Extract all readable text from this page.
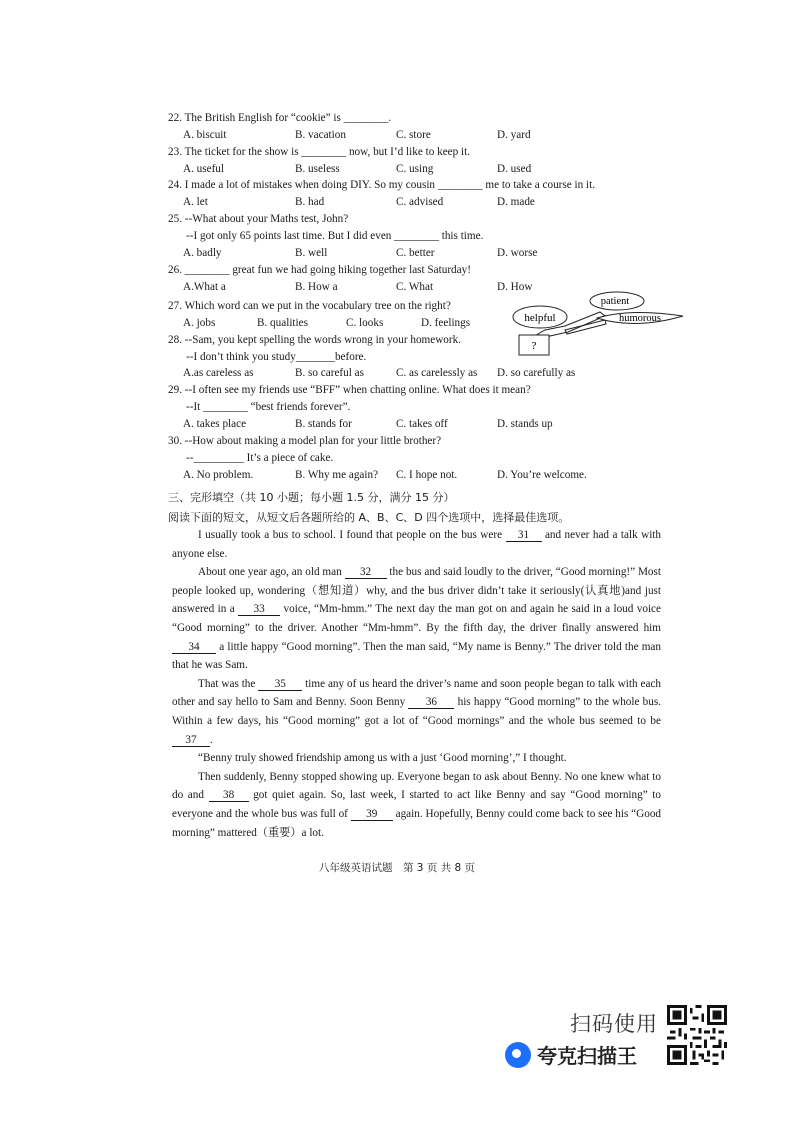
22. The British English for “cookie” is ________.
A. biscuit	B. vacation	C. store	D. yard
23. The ticket for the show is ________ now, but I’d like to keep it.
A. useful	B. useless	C. using	D. used
24. I made a lot of mistakes when doing DIY. So my cousin ________ me to take a course in it.
A. let	B. had	C. advised	D. made
25. --What about your Maths test, John?
--I got only 65 points last time. But I did even ________ this time.
A. badly	B. well	C. better	D. worse
26. ________ great fun we had going hiking together last Saturday!
A.What a	B. How a	C. What	D. How
27. Which word can we put in the vocabulary tree on the right?
A. jobs	B. qualities	C. looks	D. feelings	helpful
patient
humorous
?
28. --Sam, you kept spelling the words wrong in your homework.
--I don’t think you study_______before.
A.as careless as	B. so careful as	C. as carelessly as D. so carefully as
29. --I often see my friends use “BFF” when chatting online. What does it mean?
--It ________ “best friends forever”.
A. takes place	B. stands for	C. takes off	D. stands up
30. --How about making a model plan for your little brother?
--_________ It’s a piece of cake.
A. No problem.	B. Why me again? C. I hope not.	D. You’re welcome.
三、完形填空（共 10 小题；每小题 1.5 分，满分 15 分）
阅读下面的短文，从短文后各题所给的 A、B、C、D 四个选项中，选择最佳选项。

I usually took a bus to school. I found that people on the bus were 31 and never had a talk with anyone else.

About one year ago, an old man 32 the bus and said loudly to the driver, “Good morning!” Most people looked up, wondering（想知道）why, and the bus driver didn’t take it seriously(认真地)and just answered in a 33 voice, “Mm-hmm.” The next day the man got on and again he said in a loud voice “Good morning” to the driver. Another “Mm-hmm”. By the fifth day, the driver finally answered him 34 a little happy “Good morning”. Then the man said, “My name is Benny.” The driver told the man that he was Sam.

That was the 35 time any of us heard the driver’s name and soon people began to talk with each other and say hello to Sam and Benny. Soon Benny 36 his happy “Good morning” to the whole bus. Within a few days, his “Good morning” got a lot of “Good mornings” and the whole bus seemed to be 37 .

“Benny truly showed friendship among us with a just ‘Good morning’,” I thought.

Then suddenly, Benny stopped showing up. Everyone began to ask about Benny. No one knew what to do and 38 got quiet again. So, last week, I started to act like Benny and say “Good morning” to everyone and the whole bus was full of 39 again. Hopefully, Benny could come back to see his “Good morning” mattered（重要）a lot.

八年级英语试题　第 3 页 共 8 页
扫码使用
夸克扫描王
